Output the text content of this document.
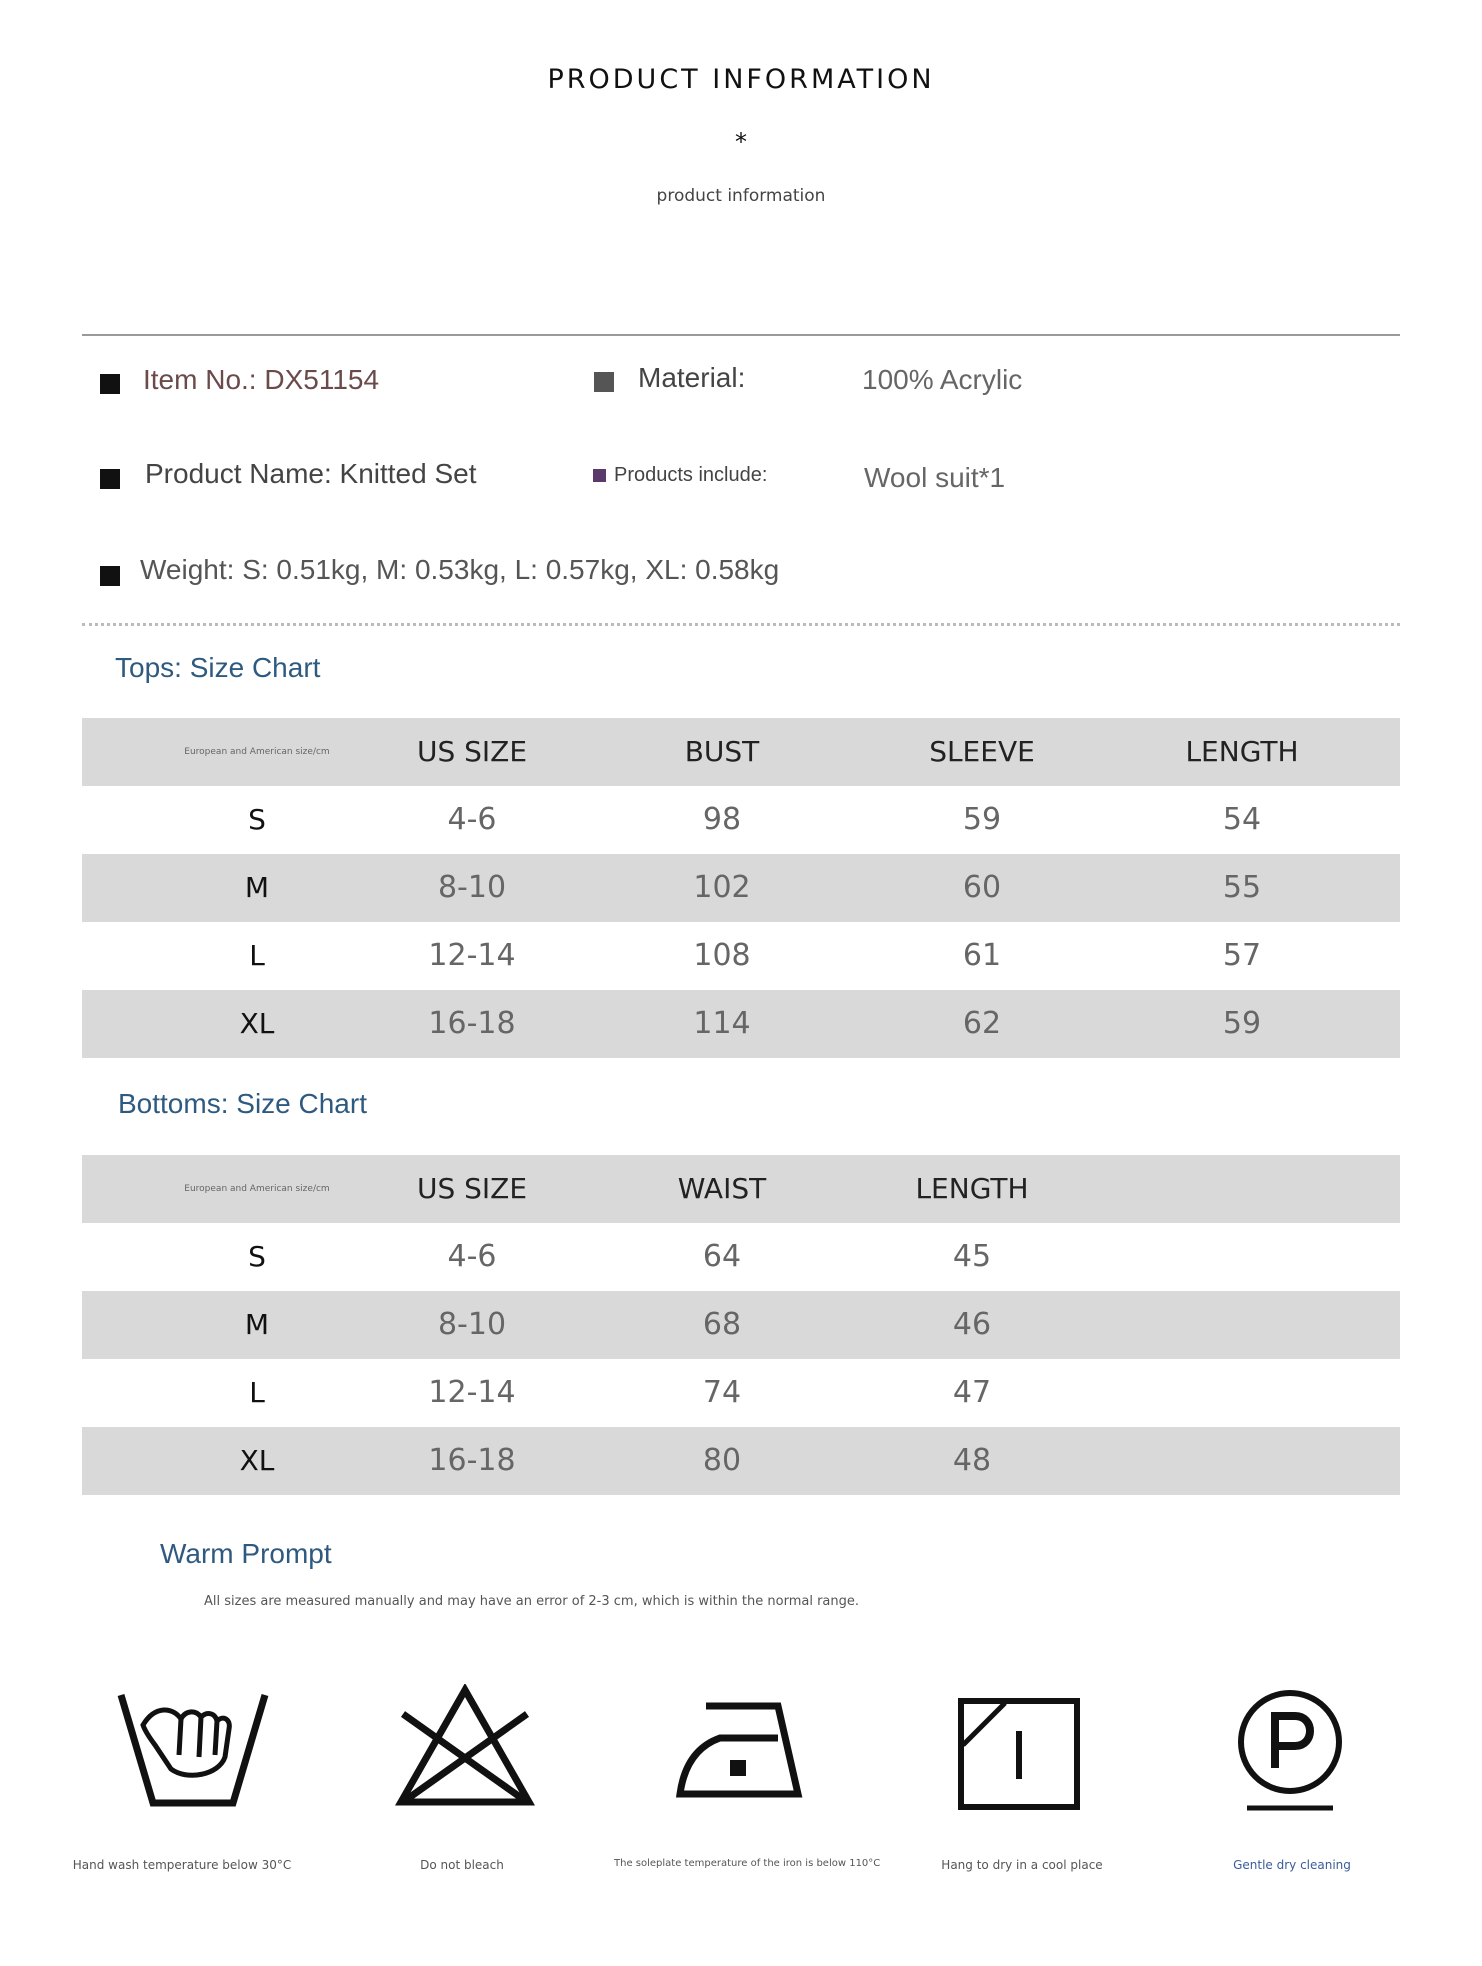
PRODUCT INFORMATION
*
product information
Item No.: DX51154	Material:	100% Acrylic
Product Name: Knitted Set	Products include:	Wool suit*1
Weight: S: 0.51kg, M: 0.53kg, L: 0.57kg, XL: 0.58kg
Tops: Size Chart
European and American size/cm	US SIZE	BUST	SLEEVE	LENGTH
S	4-6	98	59	54
M	8-10	102	60	55
L	12-14	108	61	57
XL	16-18	114	62	59
Bottoms: Size Chart
European and American size/cm	US SIZE	WAIST	LENGTH
S	4-6	64	45
M	8-10	68	46
L	12-14	74	47
XL	16-18	80	48
Warm Prompt
All sizes are measured manually and may have an error of 2-3 cm, which is within the normal range.
Hand wash temperature below 30°C	Do not bleach	The soleplate temperature of the iron is below 110°C	Hang to dry in a cool place	Gentle dry cleaning
